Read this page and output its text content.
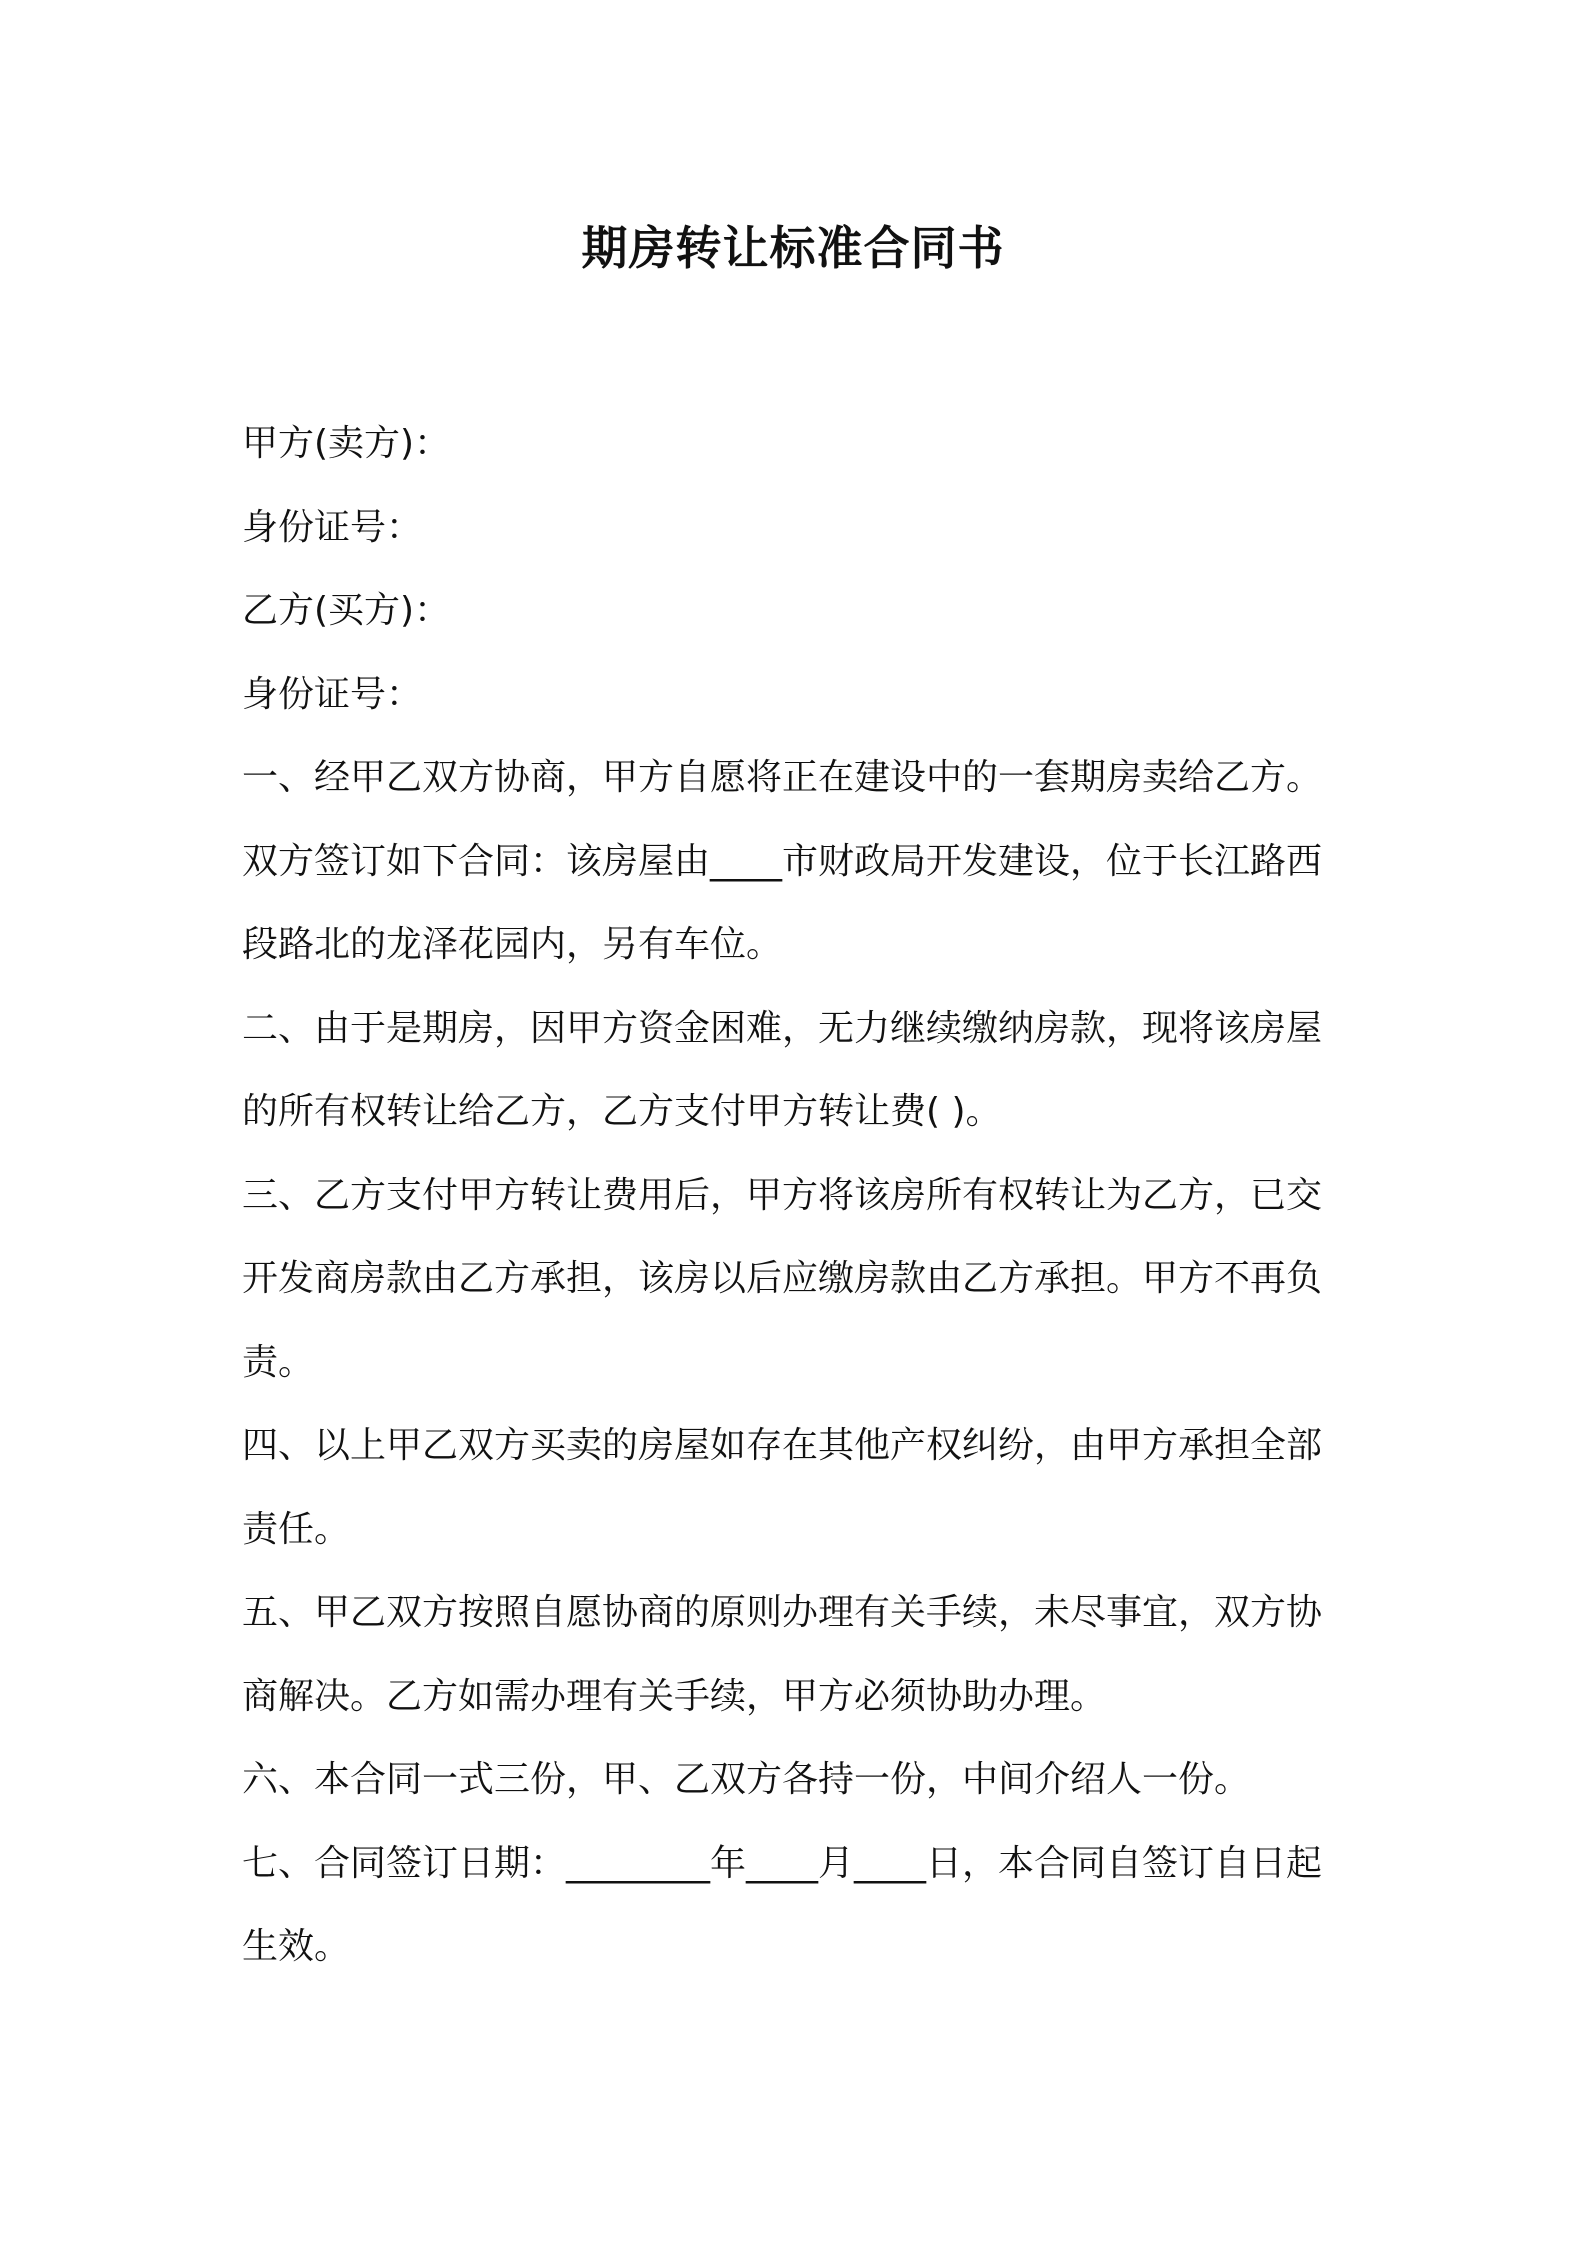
期房转让标准合同书

甲方(卖方)：

身份证号：

乙方(买方)：

身份证号：

一、经甲乙双方协商，甲方自愿将正在建设中的一套期房卖给乙方。双方签订如下合同：该房屋由____市财政局开发建设，位于长江路西段路北的龙泽花园内，另有车位。

二、由于是期房，因甲方资金困难，无力继续缴纳房款，现将该房屋的所有权转让给乙方，乙方支付甲方转让费( )。

三、乙方支付甲方转让费用后，甲方将该房所有权转让为乙方，已交开发商房款由乙方承担，该房以后应缴房款由乙方承担。甲方不再负责。

四、以上甲乙双方买卖的房屋如存在其他产权纠纷，由甲方承担全部责任。

五、甲乙双方按照自愿协商的原则办理有关手续，未尽事宜，双方协商解决。乙方如需办理有关手续，甲方必须协助办理。

六、本合同一式三份，甲、乙双方各持一份，中间介绍人一份。      七、合同签订日期：________年____月____日，本合同自签订自日起生效。
